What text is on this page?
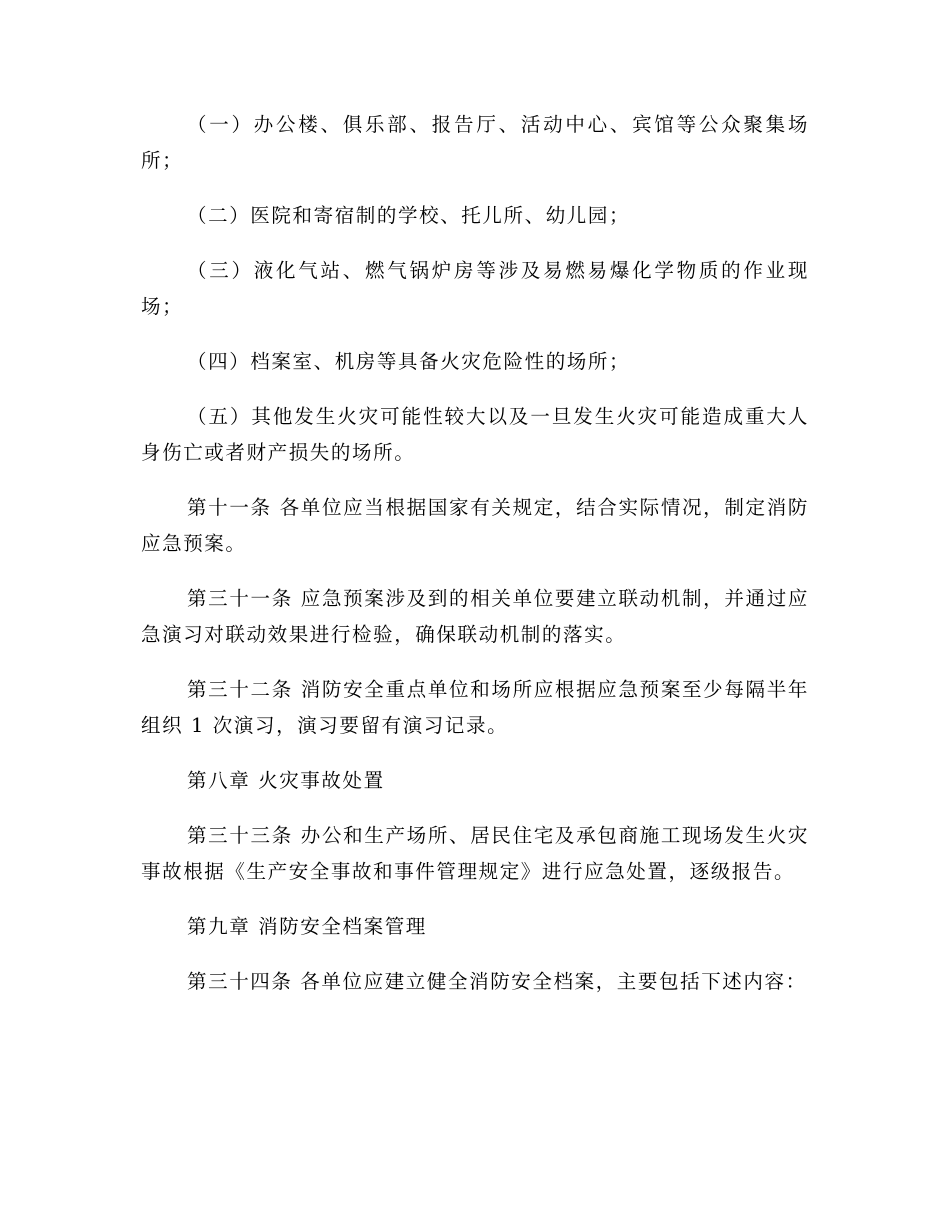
（一）办公楼、俱乐部、报告厅、活动中心、宾馆等公众聚集场所；

（二）医院和寄宿制的学校、托儿所、幼儿园；

（三）液化气站、燃气锅炉房等涉及易燃易爆化学物质的作业现场；

（四）档案室、机房等具备火灾危险性的场所；

（五）其他发生火灾可能性较大以及一旦发生火灾可能造成重大人身伤亡或者财产损失的场所。

第十一条 各单位应当根据国家有关规定，结合实际情况，制定消防应急预案。

第三十一条 应急预案涉及到的相关单位要建立联动机制，并通过应急演习对联动效果进行检验，确保联动机制的落实。

第三十二条 消防安全重点单位和场所应根据应急预案至少每隔半年组织 1 次演习，演习要留有演习记录。

第八章 火灾事故处置

第三十三条 办公和生产场所、居民住宅及承包商施工现场发生火灾事故根据《生产安全事故和事件管理规定》进行应急处置，逐级报告。

第九章 消防安全档案管理

第三十四条 各单位应建立健全消防安全档案，主要包括下述内容：
